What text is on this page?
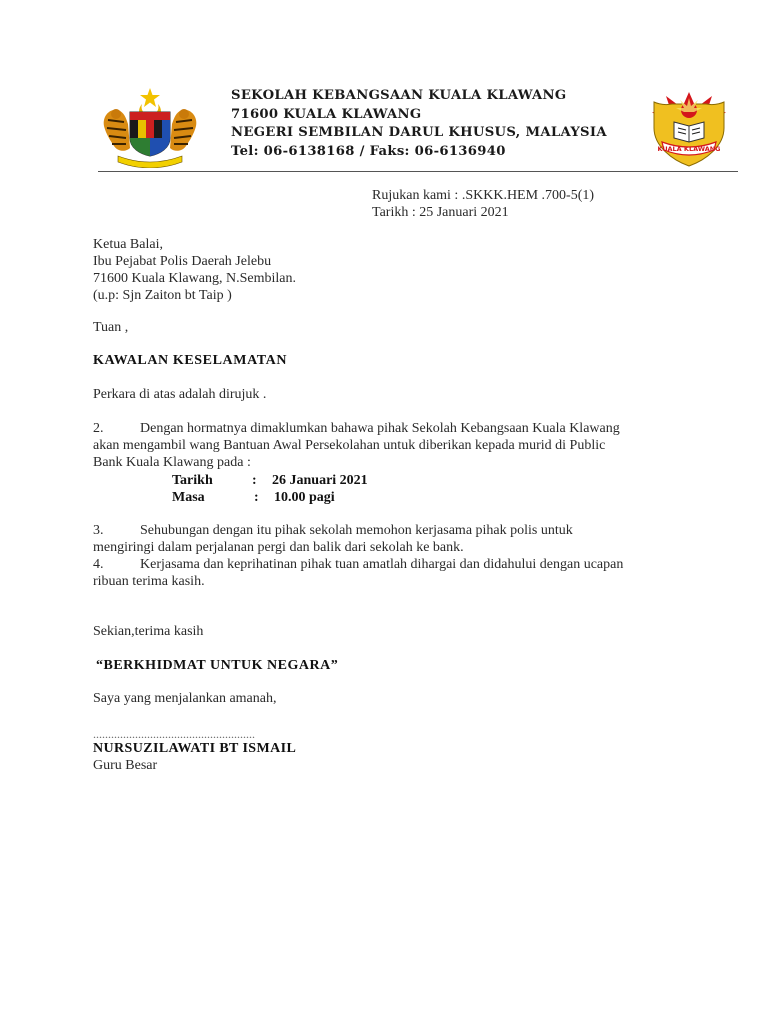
KUALA KLAWANG
SEKOLAH KEBANGSAAN KUALA KLAWANG
71600 KUALA KLAWANG
NEGERI SEMBILAN DARUL KHUSUS, MALAYSIA
Tel: 06-6138168 / Faks: 06-6136940
Rujukan kami : .SKKK.HEM .700-5(1)
Tarikh : 25 Januari 2021
Ketua Balai,
Ibu Pejabat Polis Daerah Jelebu
71600 Kuala Klawang, N.Sembilan.
(u.p: Sjn Zaiton bt Taip )
Tuan ,
KAWALAN KESELAMATAN
Perkara di atas adalah dirujuk .
2.	Dengan hormatnya dimaklumkan bahawa pihak Sekolah Kebangsaan Kuala Klawang
akan mengambil wang Bantuan Awal Persekolahan untuk diberikan kepada murid di Public
Bank Kuala Klawang pada :
Tarikh	: 26 Januari 2021
Masa	: 10.00 pagi
3.	Sehubungan dengan itu pihak sekolah memohon kerjasama pihak polis untuk
mengiringi dalam perjalanan pergi dan balik dari sekolah ke bank.
4.	Kerjasama dan keprihatinan pihak tuan amatlah dihargai dan didahului dengan ucapan
ribuan terima kasih.
Sekian,terima kasih
“BERKHIDMAT UNTUK NEGARA”
Saya yang menjalankan amanah,
......................................................
NURSUZILAWATI BT ISMAIL
Guru Besar
